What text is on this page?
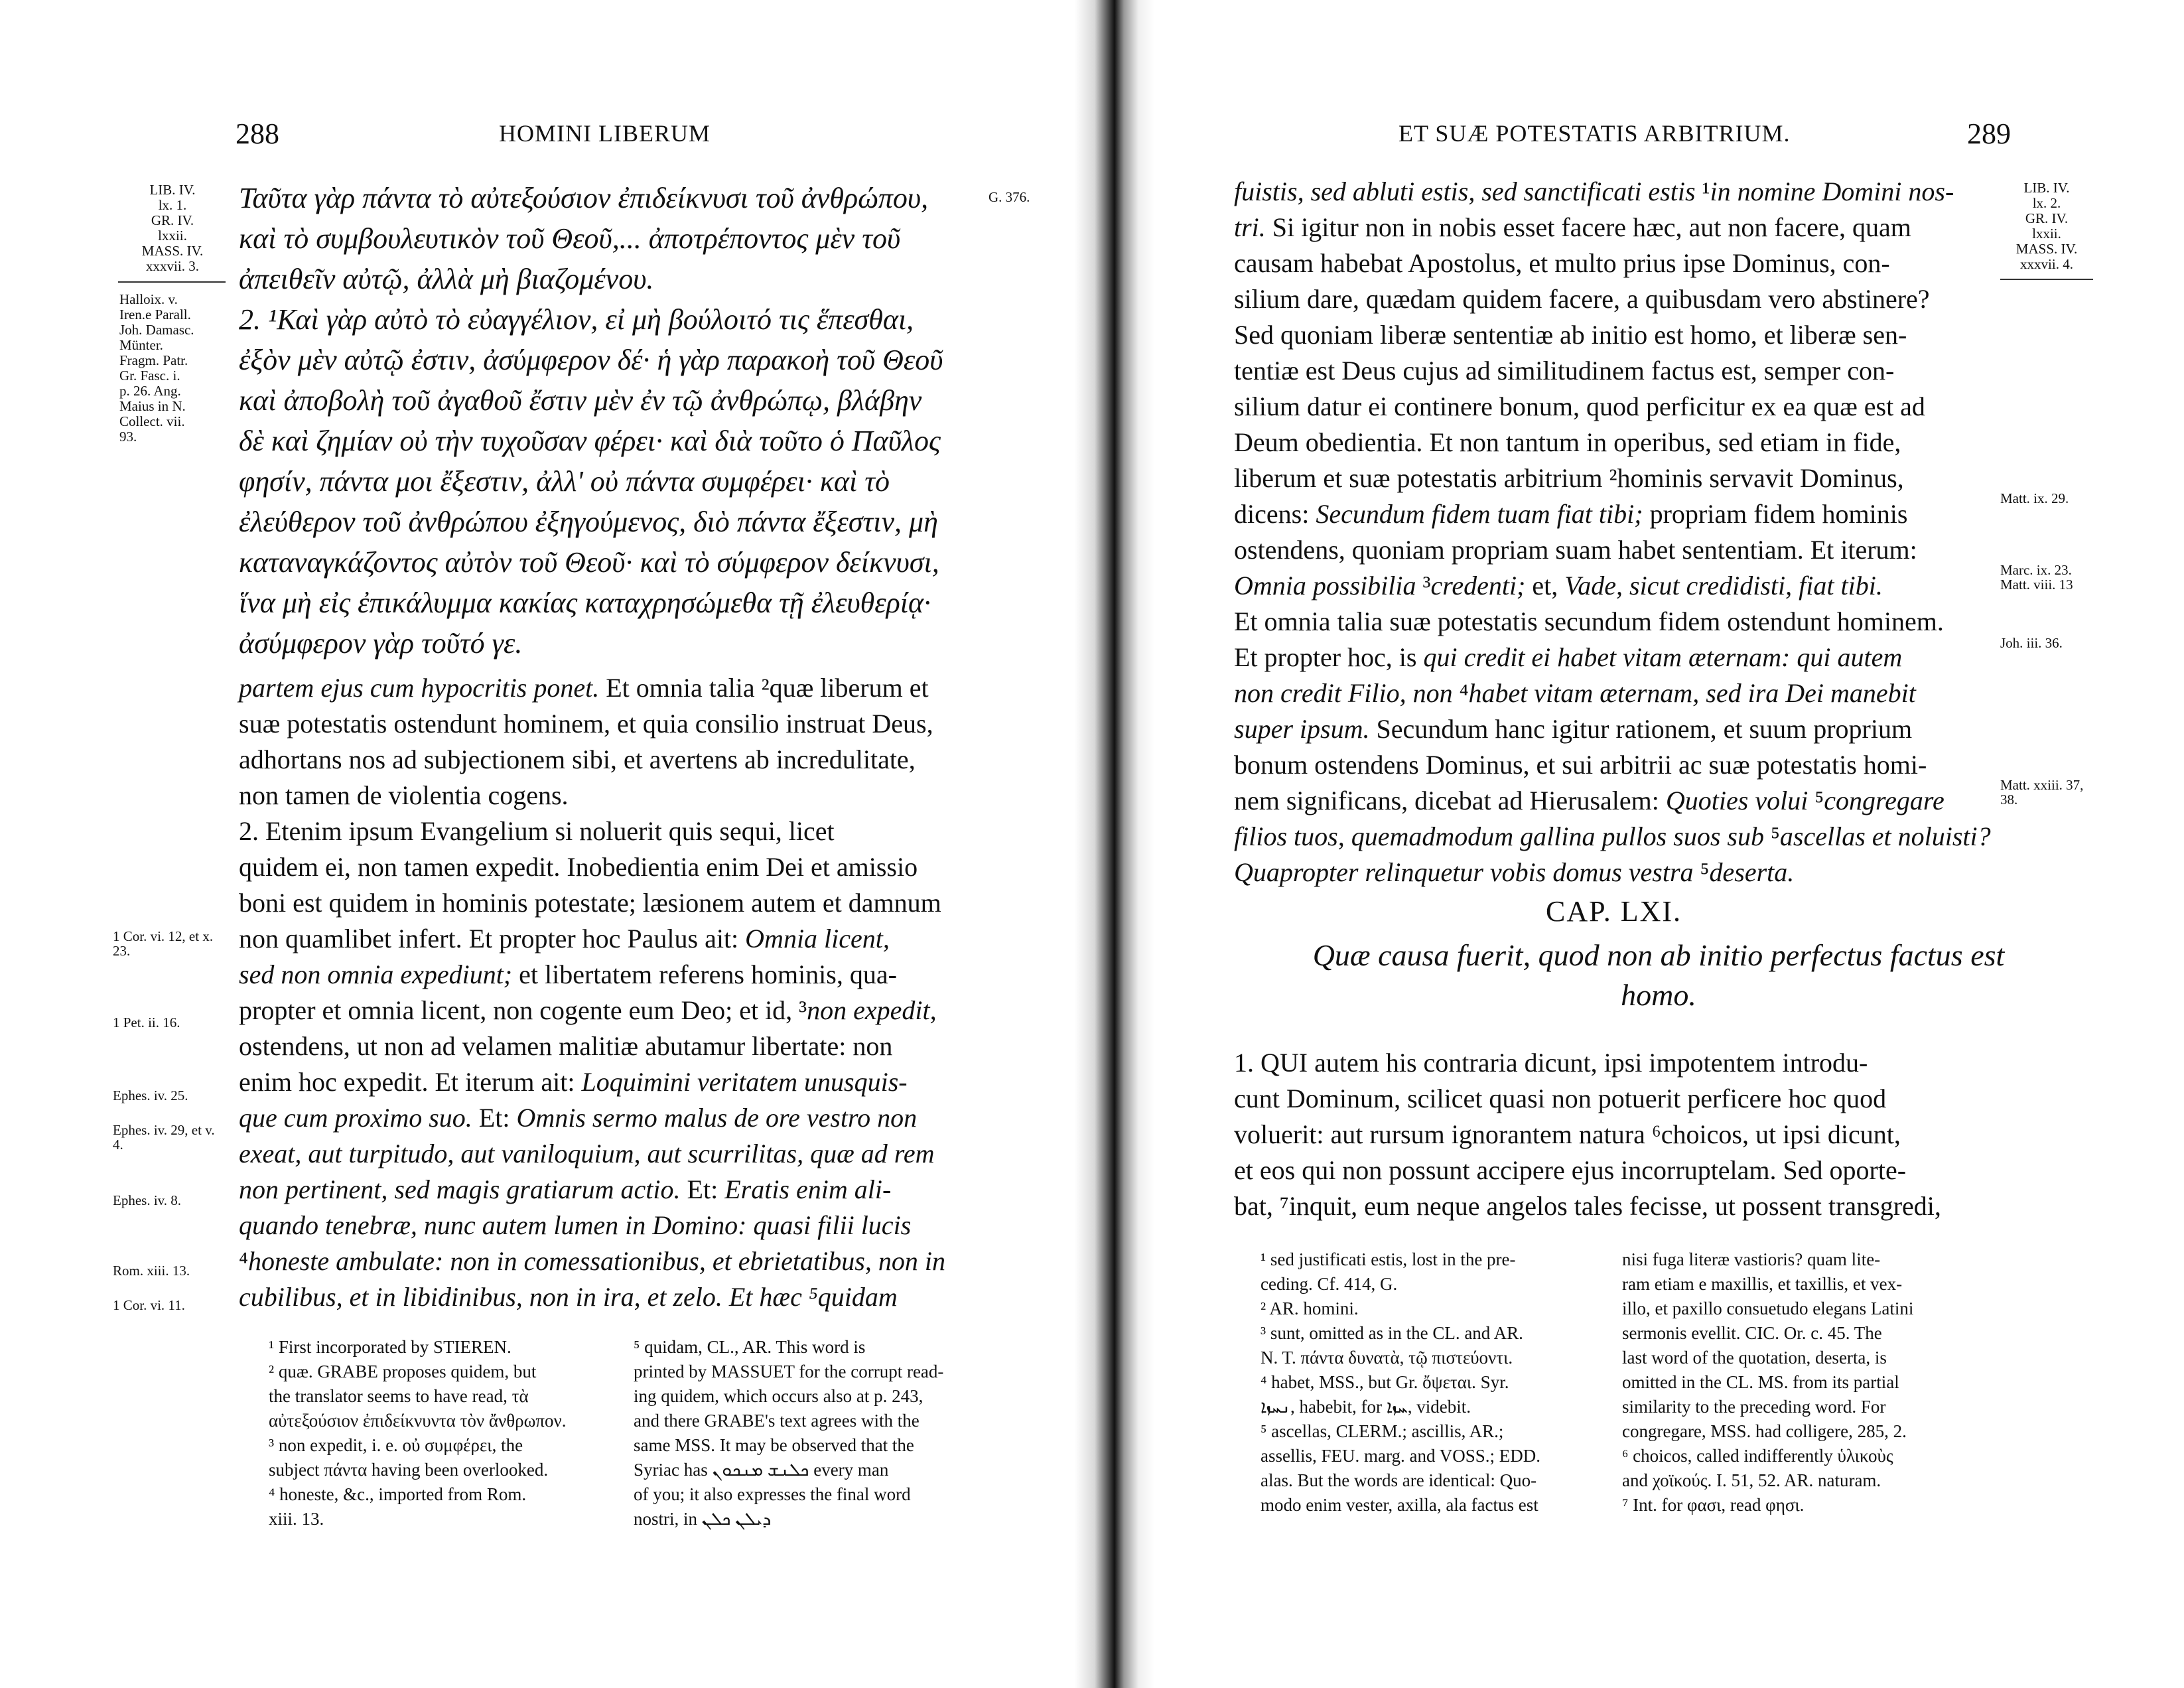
288	HOMINI LIBERUM
LIB. IV.
lx. 1.
GR. IV.
lxxii.
MASS. IV.
xxxvii. 3.
Halloix. v.
Iren.e Parall.
Joh. Damasc.
Münter.
Fragm. Patr.
Gr. Fasc. i.
p. 26. Ang.
Maius in N.
Collect. vii.
93.
G. 376.
Ταῦτα γὰρ πάντα τὸ αὐτεξούσιον ἐπιδείκνυσι τοῦ ἀνθρώπου,
καὶ τὸ συμβουλευτικὸν τοῦ Θεοῦ,... ἀποτρέποντος μὲν τοῦ
ἀπειθεῖν αὐτῷ, ἀλλὰ μὴ βιαζομένου.
2. ¹Καὶ γὰρ αὐτὸ τὸ εὐαγγέλιον, εἰ μὴ βούλοιτό τις ἕπεσθαι,
ἐξὸν μὲν αὐτῷ ἐστιν, ἀσύμφερον δέ· ἡ γὰρ παρακοὴ τοῦ Θεοῦ
καὶ ἀποβολὴ τοῦ ἀγαθοῦ ἔστιν μὲν ἐν τῷ ἀνθρώπῳ, βλάβην
δὲ καὶ ζημίαν οὐ τὴν τυχοῦσαν φέρει· καὶ διὰ τοῦτο ὁ Παῦλος
φησίν, πάντα μοι ἔξεστιν, ἀλλ' οὐ πάντα συμφέρει· καὶ τὸ
ἐλεύθερον τοῦ ἀνθρώπου ἐξηγούμενος, διὸ πάντα ἔξεστιν, μὴ
καταναγκάζοντος αὐτὸν τοῦ Θεοῦ· καὶ τὸ σύμφερον δείκνυσι,
ἵνα μὴ εἰς ἐπικάλυμμα κακίας καταχρησώμεθα τῇ ἐλευθερίᾳ·
ἀσύμφερον γὰρ τοῦτό γε.
partem ejus cum hypocritis ponet. Et omnia talia ²quæ liberum et
suæ potestatis ostendunt hominem, et quia consilio instruat Deus,
adhortans nos ad subjectionem sibi, et avertens ab incredulitate,
non tamen de violentia cogens.
2. Etenim ipsum Evangelium si noluerit quis sequi, licet
quidem ei, non tamen expedit. Inobedientia enim Dei et amissio
boni est quidem in hominis potestate; læsionem autem et damnum
non quamlibet infert. Et propter hoc Paulus ait: Omnia licent,
sed non omnia expediunt; et libertatem referens hominis, qua-
propter et omnia licent, non cogente eum Deo; et id, ³non expedit,
ostendens, ut non ad velamen malitiæ abutamur libertate: non
enim hoc expedit. Et iterum ait: Loquimini veritatem unusquis-
que cum proximo suo. Et: Omnis sermo malus de ore vestro non
exeat, aut turpitudo, aut vaniloquium, aut scurrilitas, quæ ad rem
non pertinent, sed magis gratiarum actio. Et: Eratis enim ali-
quando tenebræ, nunc autem lumen in Domino: quasi filii lucis
⁴honeste ambulate: non in comessationibus, et ebrietatibus, non in
cubilibus, et in libidinibus, non in ira, et zelo. Et hæc ⁵quidam
1 Cor. vi. 12, et x. 23.
1 Pet. ii. 16.
Ephes. iv. 25.
Ephes. iv. 29, et v. 4.
Ephes. iv. 8.
Rom. xiii. 13.
1 Cor. vi. 11.
¹ First incorporated by STIEREN.
² quæ. GRABE proposes quidem, but
the translator seems to have read, τὰ
αὐτεξούσιον ἐπιδείκνυντα τὸν ἄνθρωπον.
³ non expedit, i. e. οὐ συμφέρει, the
subject πάντα having been overlooked.
⁴ honeste, &c., imported from Rom.
xiii. 13.
⁵ quidam, CL., AR. This word is
printed by MASSUET for the corrupt read-
ing quidem, which occurs also at p. 243,
and there GRABE's text agrees with the
same MSS. It may be observed that the
Syriac has ܟܠܢܫ ܡܢܟܘܢ every man
of you; it also expresses the final word
nostri, in ܕܝܠܢ ܟܠܢ
ET SUÆ POTESTATIS ARBITRIUM.	289
fuistis, sed abluti estis, sed sanctificati estis ¹in nomine Domini nos-
tri. Si igitur non in nobis esset facere hæc, aut non facere, quam
causam habebat Apostolus, et multo prius ipse Dominus, con-
silium dare, quædam quidem facere, a quibusdam vero abstinere?
Sed quoniam liberæ sententiæ ab initio est homo, et liberæ sen-
tentiæ est Deus cujus ad similitudinem factus est, semper con-
silium datur ei continere bonum, quod perficitur ex ea quæ est ad
Deum obedientia. Et non tantum in operibus, sed etiam in fide,
liberum et suæ potestatis arbitrium ²hominis servavit Dominus,
dicens: Secundum fidem tuam fiat tibi; propriam fidem hominis
ostendens, quoniam propriam suam habet sententiam. Et iterum:
Omnia possibilia ³credenti; et, Vade, sicut credidisti, fiat tibi.
Et omnia talia suæ potestatis secundum fidem ostendunt hominem.
Et propter hoc, is qui credit ei habet vitam æternam: qui autem
non credit Filio, non ⁴habet vitam æternam, sed ira Dei manebit
super ipsum. Secundum hanc igitur rationem, et suum proprium
bonum ostendens Dominus, et sui arbitrii ac suæ potestatis homi-
nem significans, dicebat ad Hierusalem: Quoties volui ⁵congregare
filios tuos, quemadmodum gallina pullos suos sub ⁵ascellas et noluisti?
Quapropter relinquetur vobis domus vestra ⁵deserta.
LIB. IV.
lx. 2.
GR. IV.
lxxii.
MASS. IV.
xxxvii. 4.
Matt. ix. 29.
Marc. ix. 23. Matt. viii. 13
Joh. iii. 36.
Matt. xxiii. 37, 38.
CAP. LXI.
Quæ causa fuerit, quod non ab initio perfectus factus est homo.
1. QUI autem his contraria dicunt, ipsi impotentem introdu-
cunt Dominum, scilicet quasi non potuerit perficere hoc quod
voluerit: aut rursum ignorantem natura ⁶choicos, ut ipsi dicunt,
et eos qui non possunt accipere ejus incorruptelam. Sed oporte-
bat, ⁷inquit, eum neque angelos tales fecisse, ut possent transgredi,
¹ sed justificati estis, lost in the pre-
ceding. Cf. 414, G.
² AR. homini.
³ sunt, omitted as in the CL. and AR.
N. T. πάντα δυνατὰ, τῷ πιστεύοντι.
⁴ habet, MSS., but Gr. ὄψεται. Syr.
ܢܚܙܐ, habebit, for ܚܙܐ, videbit.
⁵ ascellas, CLERM.; ascillis, AR.;
assellis, FEU. marg. and VOSS.; EDD.
alas. But the words are identical: Quo-
modo enim vester, axilla, ala factus est
nisi fuga literæ vastioris? quam lite-
ram etiam e maxillis, et taxillis, et vex-
illo, et paxillo consuetudo elegans Latini
sermonis evellit. CIC. Or. c. 45. The
last word of the quotation, deserta, is
omitted in the CL. MS. from its partial
similarity to the preceding word. For
congregare, MSS. had colligere, 285, 2.
⁶ choicos, called indifferently ὑλικοὺς
and χοϊκούς. I. 51, 52. AR. naturam.
⁷ Int. for φασι, read φησι.
